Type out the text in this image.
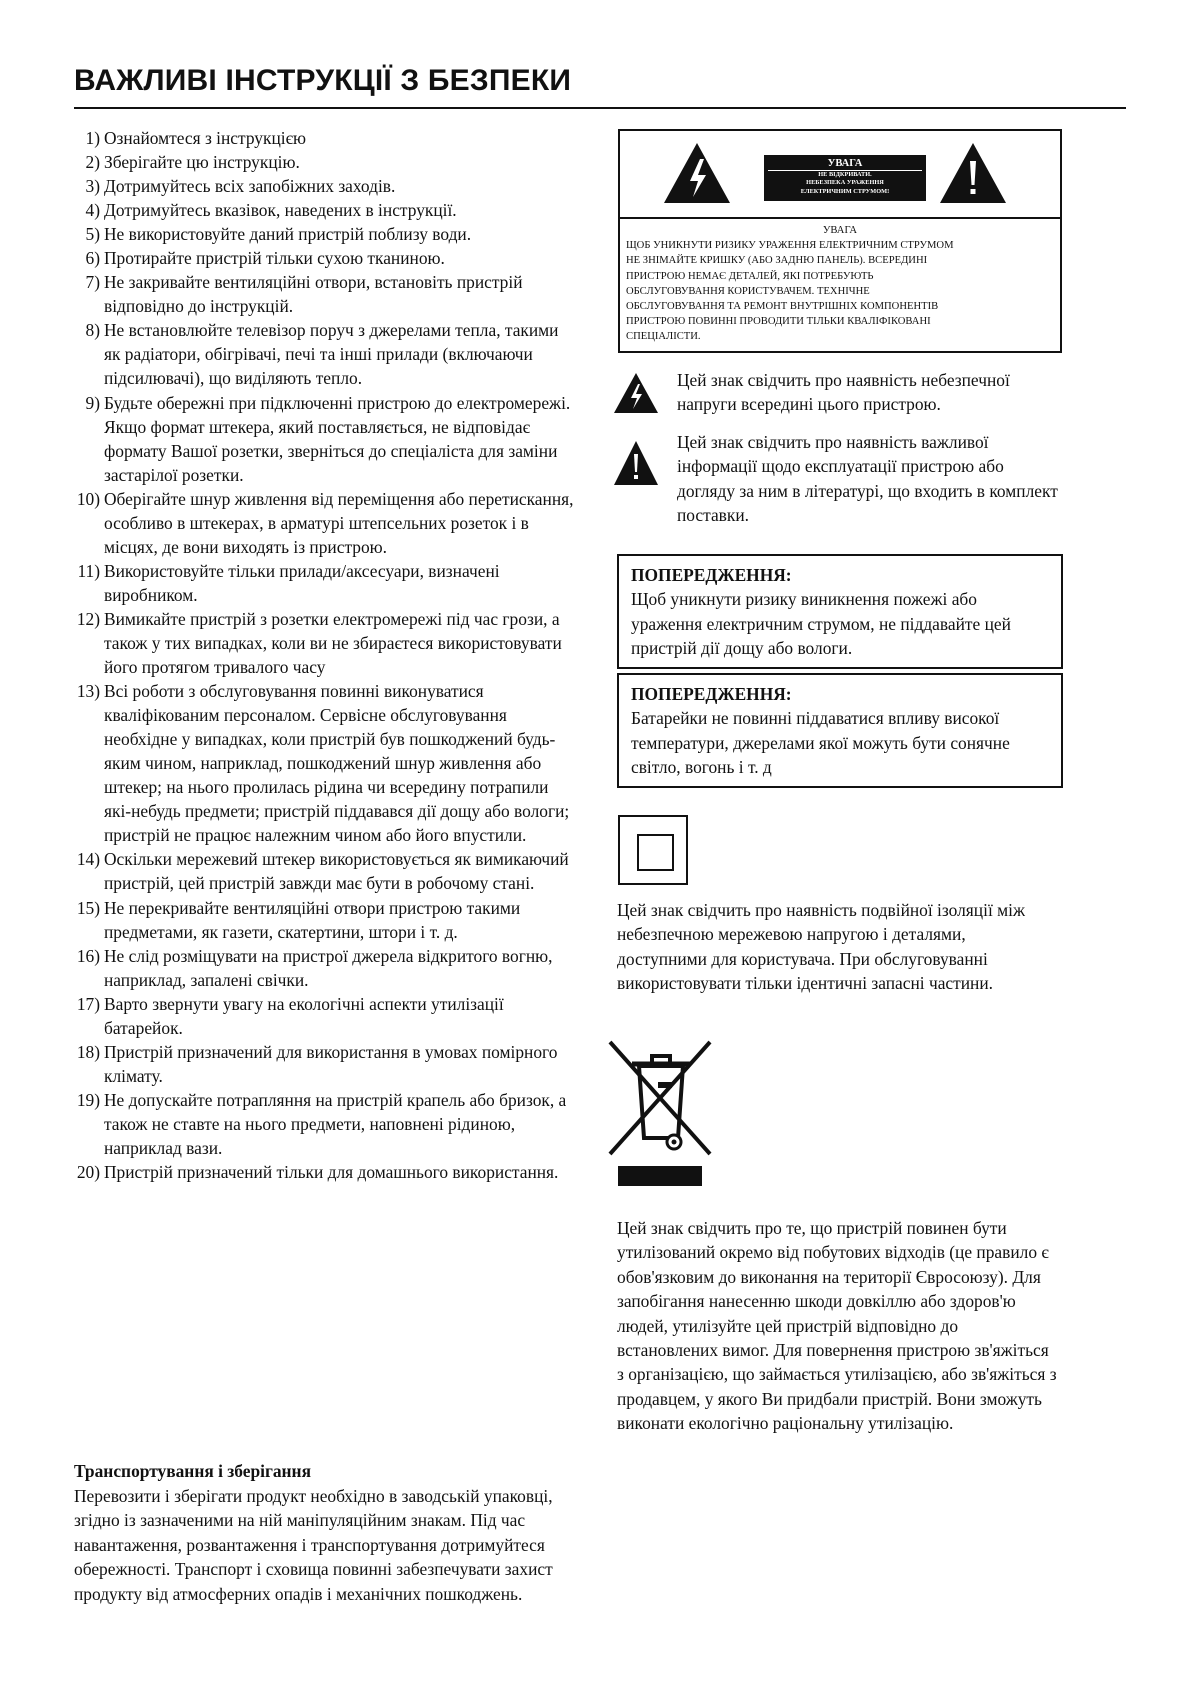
ВАЖЛИВІ ІНСТРУКЦІЇ З БЕЗПЕКИ
1) Ознайомтеся з інструкцією
2) Зберігайте цю інструкцію.
3) Дотримуйтесь всіх запобіжних заходів.
4) Дотримуйтесь вказівок, наведених в інструкції.
5) Не використовуйте даний пристрій поблизу води.
6) Протирайте пристрій тільки сухою тканиною.
7) Не закривайте вентиляційні отвори, встановіть пристрій відповідно до інструкцій.
8) Не встановлюйте телевізор поруч з джерелами тепла, такими як радіатори, обігрівачі, печі та інші прилади (включаючи підсилювачі), що виділяють тепло.
9) Будьте обережні при підключенні пристрою до електромережі. Якщо формат штекера, який поставляється, не відповідає формату Вашої розетки, зверніться до спеціаліста для заміни застарілої розетки.
10) Оберігайте шнур живлення від переміщення або перетискання, особливо в штекерах, в арматурі штепсельних розеток і в місцях, де вони виходять із пристрою.
11) Використовуйте тільки прилади/аксесуари, визначені виробником.
12) Вимикайте пристрій з розетки електромережі під час грози, а також у тих випадках, коли ви не збираєтеся використовувати його протягом тривалого часу
13) Всі роботи з обслуговування повинні виконуватися кваліфікованим персоналом. Сервісне обслуговування необхідне у випадках, коли пристрій був пошкоджений будь-яким чином, наприклад, пошкоджений шнур живлення або штекер; на нього пролилась рідина чи всередину потрапили які-небудь предмети; пристрій піддавався дії дощу або вологи; пристрій не працює належним чином або його впустили.
14) Оскільки мережевий штекер використовується як вимикаючий пристрій, цей пристрій завжди має бути в робочому стані.
15) Не перекривайте вентиляційні отвори пристрою такими предметами, як газети, скатертини, штори і т. д.
16) Не слід розміщувати на пристрої джерела відкритого вогню, наприклад, запалені свічки.
17) Варто звернути увагу на екологічні аспекти утилізації батарейок.
18) Пристрій призначений для використання в умовах помірного клімату.
19) Не допускайте потрапляння на пристрій крапель або бризок, а також не ставте на нього предмети, наповнені рідиною, наприклад вази.
20) Пристрій призначений тільки для домашнього використання.
Транспортування і зберігання

Перевозити і зберігати продукт необхідно в заводській упаковці, згідно із зазначеними на ній маніпуляційним знакам. Під час навантаження, розвантаження і транспортування дотримуйтеся обережності. Транспорт і сховища повинні забезпечувати захист продукту від атмосферних опадів і механічних пошкоджень.

УВАГА
НЕ ВІДКРИВАТИ.
НЕБЕЗПЕКА УРАЖЕННЯ
ЕЛЕКТРИЧНИМ СТРУМОМ!
УВАГА
ЩОБ УНИКНУТИ РИЗИКУ УРАЖЕННЯ ЕЛЕКТРИЧНИМ СТРУМОМ
НЕ ЗНІМАЙТЕ КРИШКУ (АБО ЗАДНЮ ПАНЕЛЬ). ВСЕРЕДИНІ
ПРИСТРОЮ НЕМАЄ ДЕТАЛЕЙ, ЯКІ ПОТРЕБУЮТЬ
ОБСЛУГОВУВАННЯ КОРИСТУВАЧЕМ. ТЕХНІЧНЕ
ОБСЛУГОВУВАННЯ ТА РЕМОНТ ВНУТРІШНІХ КОМПОНЕНТІВ
ПРИСТРОЮ ПОВИННІ ПРОВОДИТИ ТІЛЬКИ КВАЛІФІКОВАНІ
СПЕЦІАЛІСТИ.
Цей знак свідчить про наявність небезпечної напруги всередині цього пристрою.
Цей знак свідчить про наявність важливої інформації щодо експлуатації пристрою або догляду за ним в літературі, що входить в комплект поставки.
ПОПЕРЕДЖЕННЯ:
Щоб уникнути ризику виникнення пожежі або ураження електричним струмом, не піддавайте цей пристрій дії дощу або вологи.
ПОПЕРЕДЖЕННЯ:
Батарейки не повинні піддаватися впливу високої температури, джерелами якої можуть бути сонячне світло, вогонь і т. д

Цей знак свідчить про наявність подвійної ізоляції між небезпечною мережевою напругою і деталями, доступними для користувача. При обслуговуванні використовувати тільки ідентичні запасні частини.

Цей знак свідчить про те, що пристрій повинен бути утилізований окремо від побутових відходів (це правило є обов'язковим до виконання на території Євросоюзу). Для запобігання нанесенню шкоди довкіллю або здоров'ю людей, утилізуйте цей пристрій відповідно до встановлених вимог. Для повернення пристрою зв'яжіться з організацією, що займається утилізацією, або зв'яжіться з продавцем, у якого Ви придбали пристрій. Вони зможуть виконати екологічно раціональну утилізацію.
